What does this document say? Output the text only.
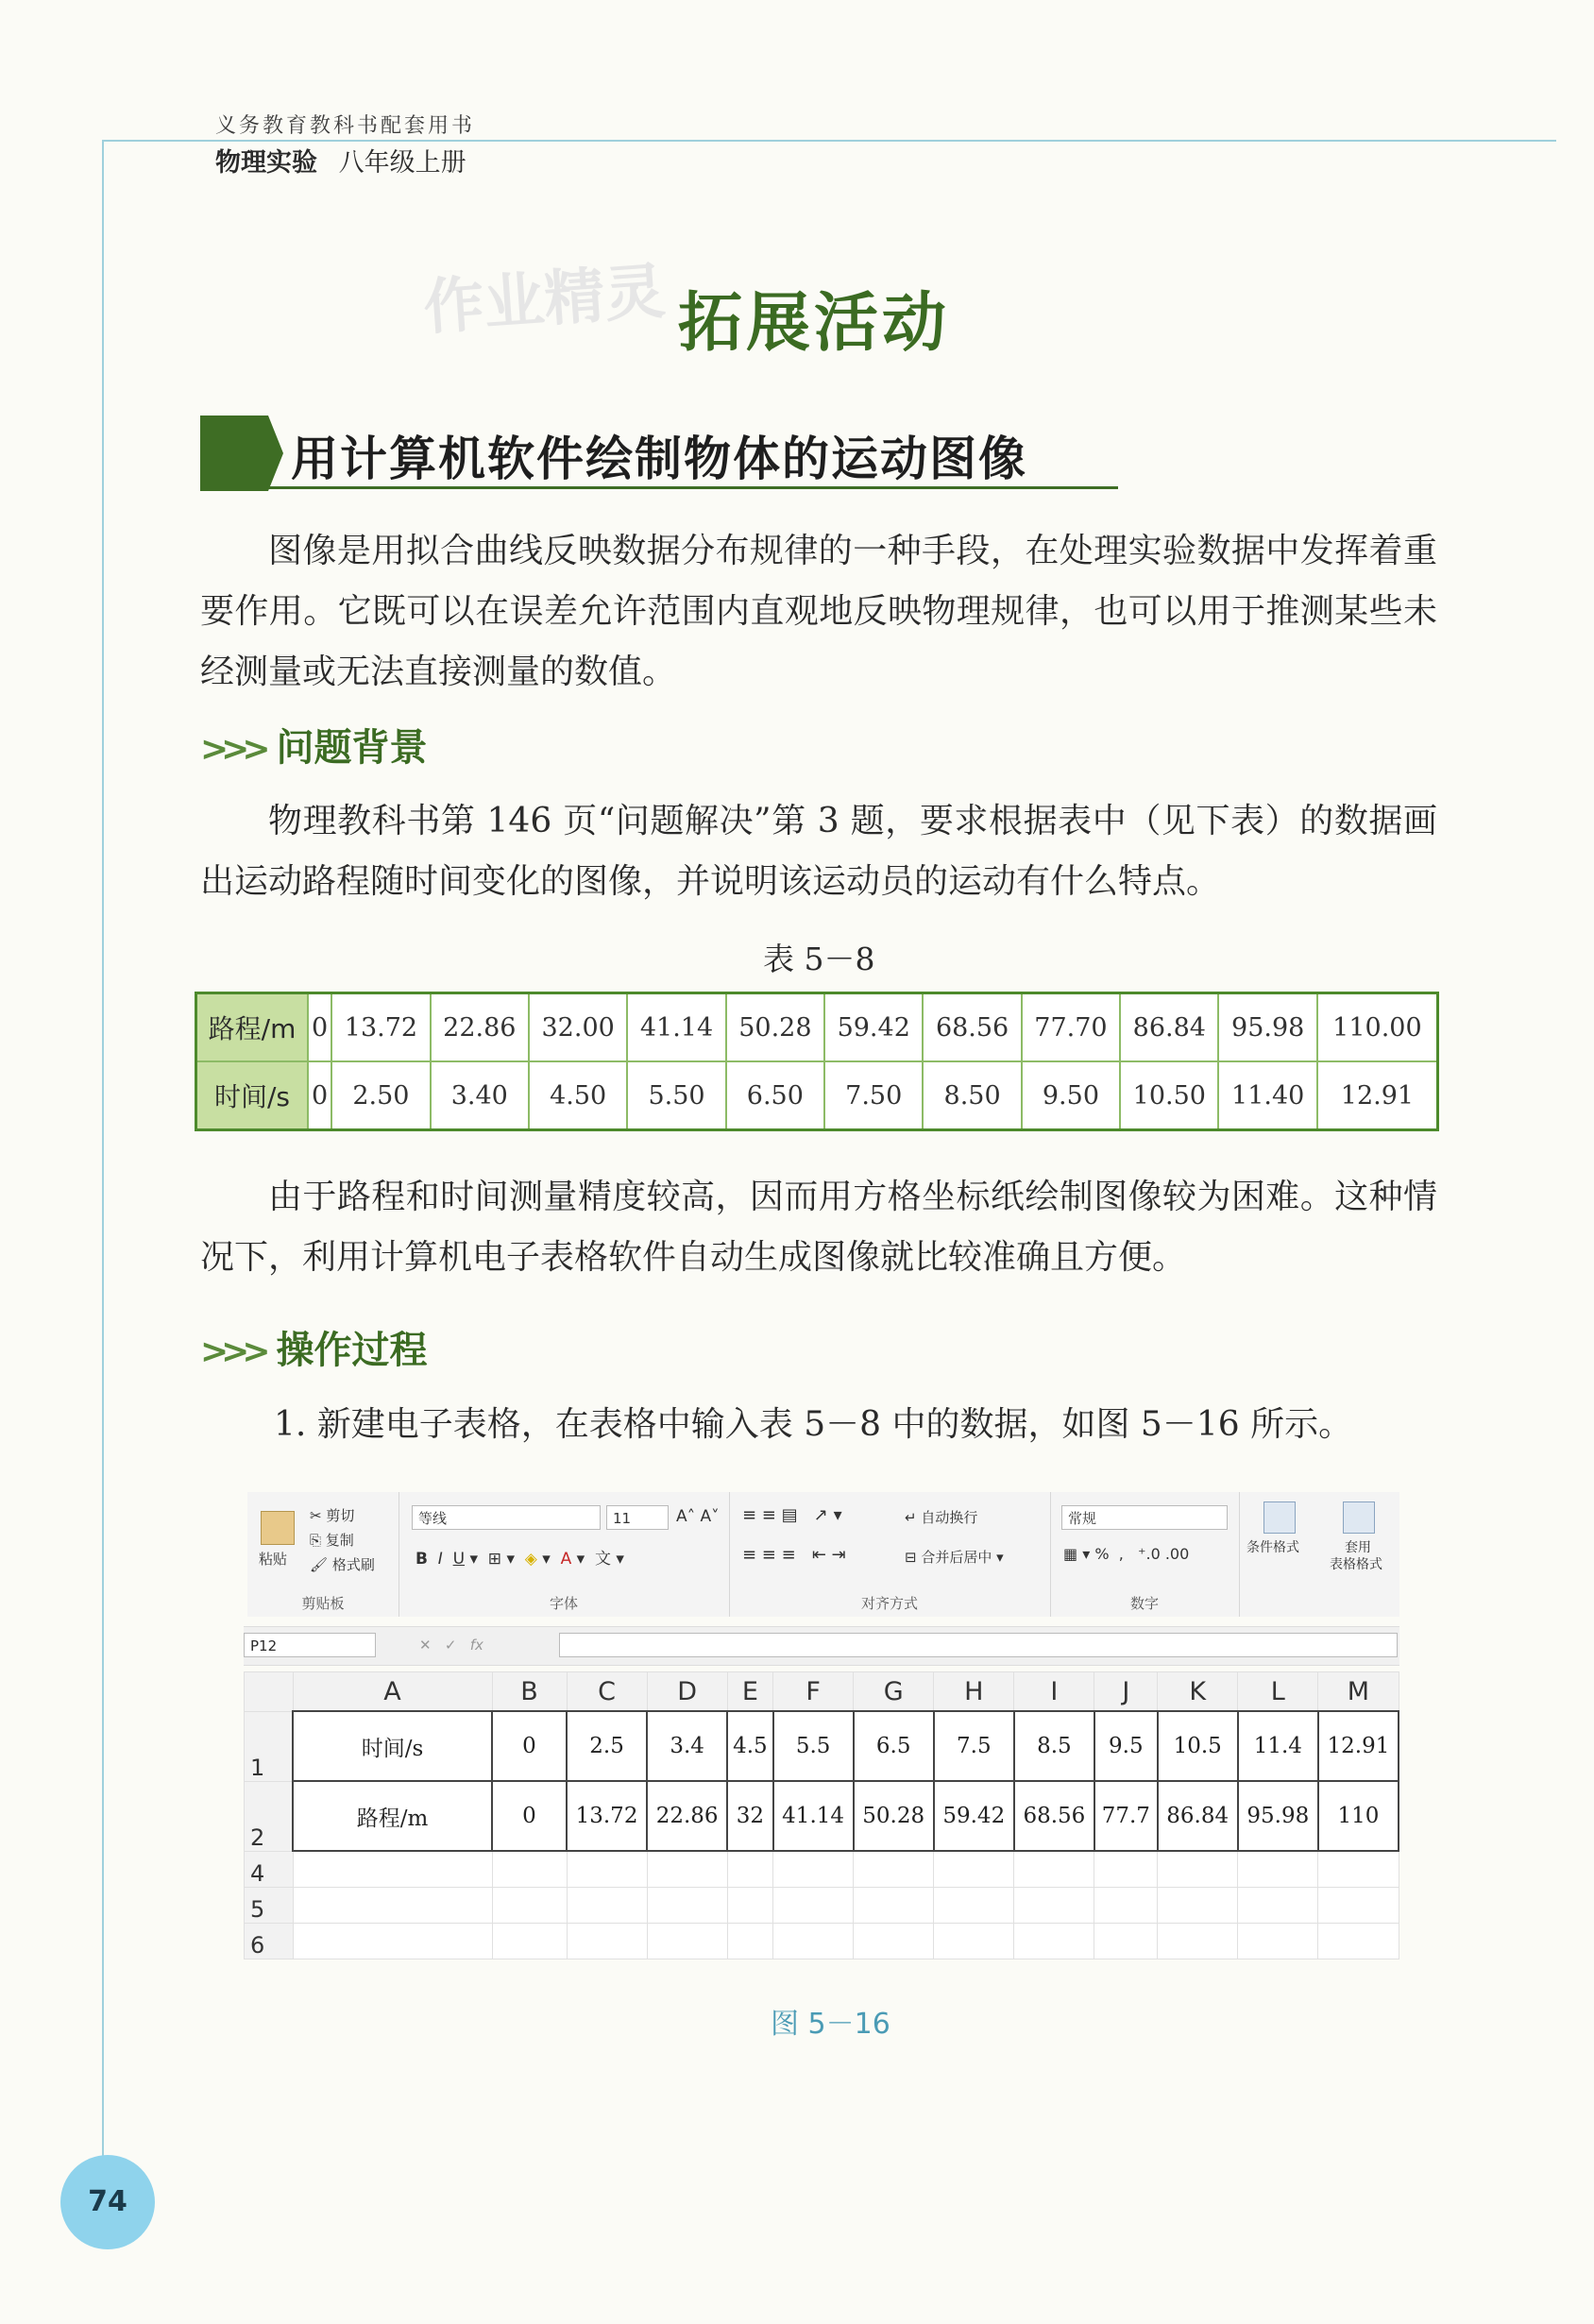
义务教育教科书配套用书
物理实验 八年级上册
作业精灵 拓展活动
用计算机软件绘制物体的运动图像
图像是用拟合曲线反映数据分布规律的一种手段，在处理实验数据中发挥着重要作用。它既可以在误差允许范围内直观地反映物理规律，也可以用于推测某些未经测量或无法直接测量的数值。
>>> 问题背景
物理教科书第 146 页“问题解决”第 3 题，要求根据表中（见下表）的数据画出运动路程随时间变化的图像，并说明该运动员的运动有什么特点。
表 5－8
路程/m	0	13.72	22.86	32.00	41.14	50.28	59.42	68.56	77.70	86.84	95.98	110.00
时间/s	0	2.50	3.40	4.50	5.50	6.50	7.50	8.50	9.50	10.50	11.40	12.91
由于路程和时间测量精度较高，因而用方格坐标纸绘制图像较为困难。这种情况下，利用计算机电子表格软件自动生成图像就比较准确且方便。
>>> 操作过程
1. 新建电子表格，在表格中输入表 5－8 中的数据，如图 5－16 所示。
粘贴
✂ 剪切
⎘ 复制
🖌 格式刷
剪贴板
等线	11	A˄ A˅
B I U ▾  ⊞ ▾  ◈ ▾  A ▾  文 ▾
字体
≡ ≡ ▤   ↗ ▾	↵ 自动换行
≡ ≡ ≡   ⇤ ⇥	⊟ 合并后居中 ▾
对齐方式
常规
▦ ▾ %  ,   ⁺.0 .00
数字
条件格式	套用
表格格式
P12	✕   ✓   fx
	A	B	C	D	E	F	G	H	I	J	K	L	M
1	时间/s	0	2.5	3.4	4.5	5.5	6.5	7.5	8.5	9.5	10.5	11.4	12.91
2	路程/m	0	13.72	22.86	32	41.14	50.28	59.42	68.56	77.7	86.84	95.98	110
4													
5													
6													
图 5－16
74
